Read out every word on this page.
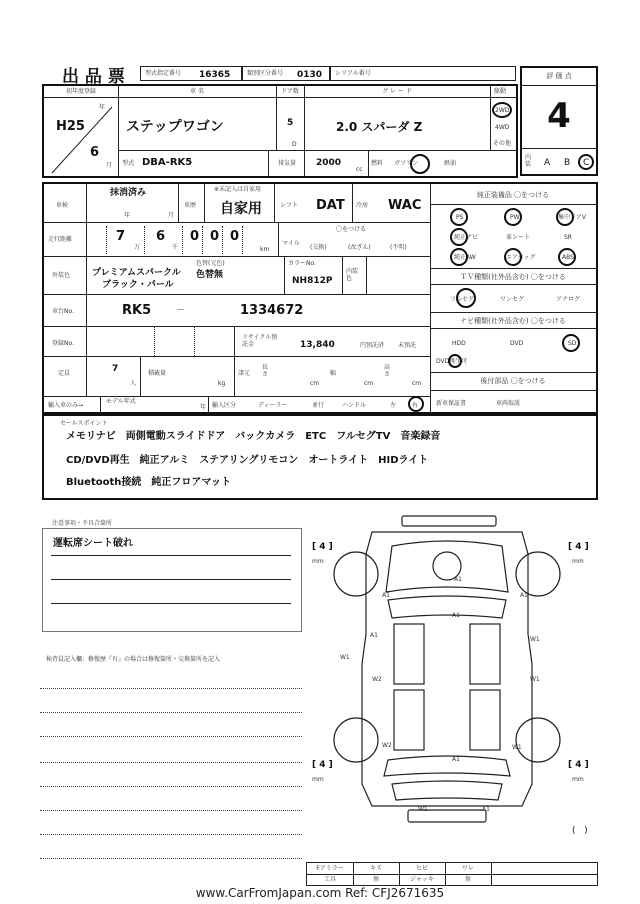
出 品 票	型式指定番号 16365	類別区分番号 0130 シリアル番号	評 価 点
4
内装 A B C
初年度登録
年
H25
6
月
車 名
ステップワゴン
ドア数
5
D
グ レ ー ド
2.0 スパーダ Z
駆動
2WD
4WD
その他
型式 DBA-RK5	排気量 2000
cc
燃料 ガソリン	軽油
車検
抹消済み
年	月
車歴
※未記入は自家用
自家用	シフト DAT 冷房 WAC
走行距離	7
万
6
千
0 0 0
km
マイル
〇をつける
(交換)	(改ざん)	(不明)
外装色 プレミアムスパークル
ブラック・パール
色替(元色)
色替無
カラーNo.
NH812P
内装色
車台No.	RK5	－	1334672
登録No.
リサイクル預託金	13,840	円預託済 未預託
定員	7
人
積載量
kg
諸元
長さ
cm
幅
cm
高さ
cm
輸入車のみ→
モデル年式
年 輸入区分	ディーラー	並行	ハンドル	左	右
純正装備品 〇をつける
PS	PW	集中ドアV
純正ナビ	革シート	SR
純正AW	エアバッグ	ABS
ＴＶ種類(社外品含む) 〇をつける
フルセグ	ワンセグ	アナログ
ナビ種類(社外品含む) 〇をつける
HDD	DVD	SD
DVD再生可
後付部品 〇をつける
新車保証書	車両取説
セールスポイント
メモリナビ　両側電動スライドドア　バックカメラ　ETC　フルセグTV　音楽録音
CD/DVD再生　純正アルミ　ステアリングリモコン　オートライト　HIDライト
Bluetooth接続　純正フロアマット
注意事項・不具合箇所
運転席シート破れ
検査員記入欄：修復歴『有』の場合は修復箇所・交換箇所を記入
[ 4 ]
mm
[ 4 ]
mm
[ 4 ]
mm
[ 4 ]
mm
(   )
A1
A1	A1
A1
A1
W1
W1
W1
W1
W2
W2
A1
W1	A1
Fアミラー	キズ	ヒビ	ワレ
工具	無	ジャッキ	無
www.CarFromJapan.com Ref: CFJ2671635
